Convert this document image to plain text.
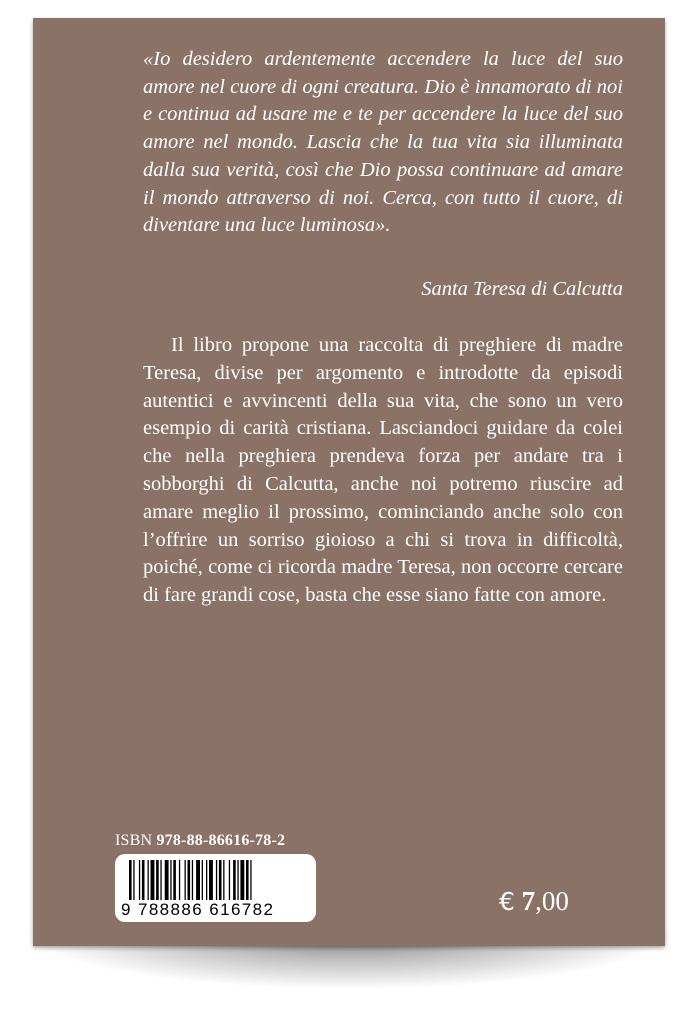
«Io desidero ardentemente accendere la luce del suo amore nel cuore di ogni creatura. Dio è innamorato di noi e continua ad usare me e te per accendere la luce del suo amore nel mondo. Lascia che la tua vita sia illuminata dalla sua verità, così che Dio possa continuare ad amare il mondo attraverso di noi. Cerca, con tutto il cuore, di diventare una luce luminosa».

Santa Teresa di Calcutta

Il libro propone una raccolta di preghiere di madre Teresa, divise per argomento e introdotte da episodi autentici e avvincenti della sua vita, che sono un vero esempio di carità cristiana. Lasciandoci guidare da colei che nella preghiera prendeva forza per andare tra i sobborghi di Calcutta, anche noi potremo riuscire ad amare meglio il prossimo, cominciando anche solo con l’offrire un sorriso gioioso a chi si trova in difficoltà, poiché, come ci ricorda madre Teresa, non occorre cercare di fare grandi cose, basta che esse siano fatte con amore.

ISBN 978-88-86616-78-2
9 788886 616782	€ 7,00
